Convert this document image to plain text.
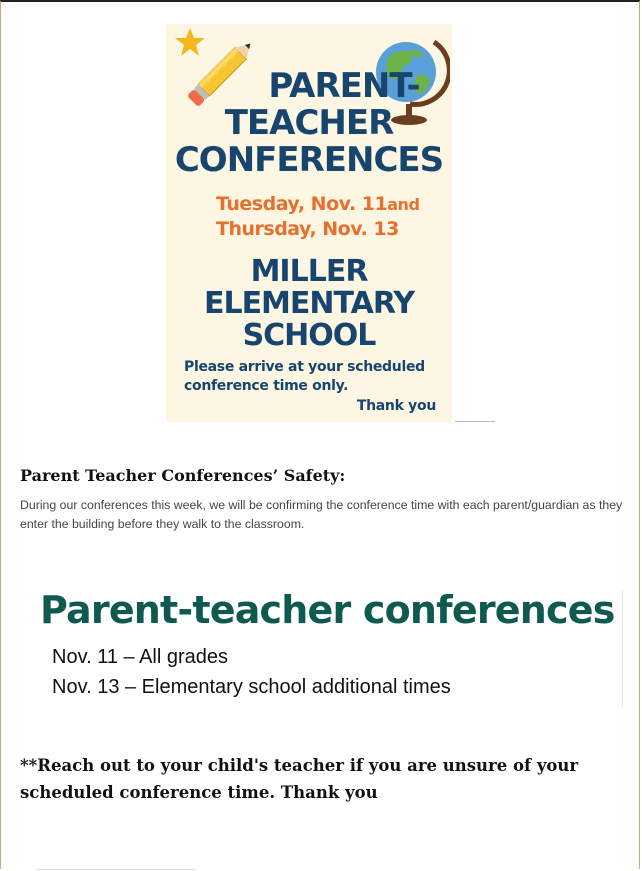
PARENT-
TEACHER
CONFERENCES
Tuesday, Nov. 11and
Thursday, Nov. 13
MILLER
ELEMENTARY
SCHOOL
Please arrive at your scheduled
conference time only.
Thank you
Parent Teacher Conferences’ Safety:
During our conferences this week, we will be confirming the conference time with each parent/guardian as they enter the building before they walk to the classroom.
Parent-teacher conferences
Nov. 11 – All grades
Nov. 13 – Elementary school additional times
**Reach out to your child's teacher if you are unsure of your scheduled conference time. Thank you
